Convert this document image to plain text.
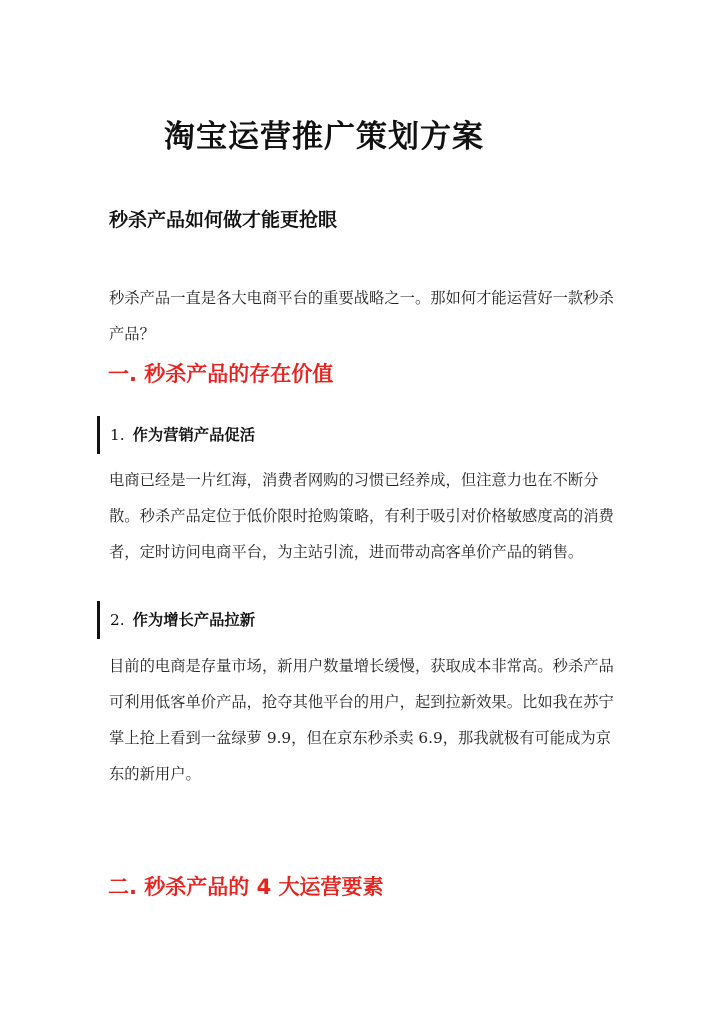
淘宝运营推广策划方案
秒杀产品如何做才能更抢眼

秒杀产品一直是各大电商平台的重要战略之一。那如何才能运营好一款秒杀产品？

一. 秒杀产品的存在价值
1. 作为营销产品促活

电商已经是一片红海，消费者网购的习惯已经养成，但注意力也在不断分散。秒杀产品定位于低价限时抢购策略，有利于吸引对价格敏感度高的消费者，定时访问电商平台，为主站引流，进而带动高客单价产品的销售。

2. 作为增长产品拉新

目前的电商是存量市场，新用户数量增长缓慢，获取成本非常高。秒杀产品可利用低客单价产品，抢夺其他平台的用户，起到拉新效果。比如我在苏宁掌上抢上看到一盆绿萝 9.9，但在京东秒杀卖 6.9，那我就极有可能成为京东的新用户。

二. 秒杀产品的 4 大运营要素
